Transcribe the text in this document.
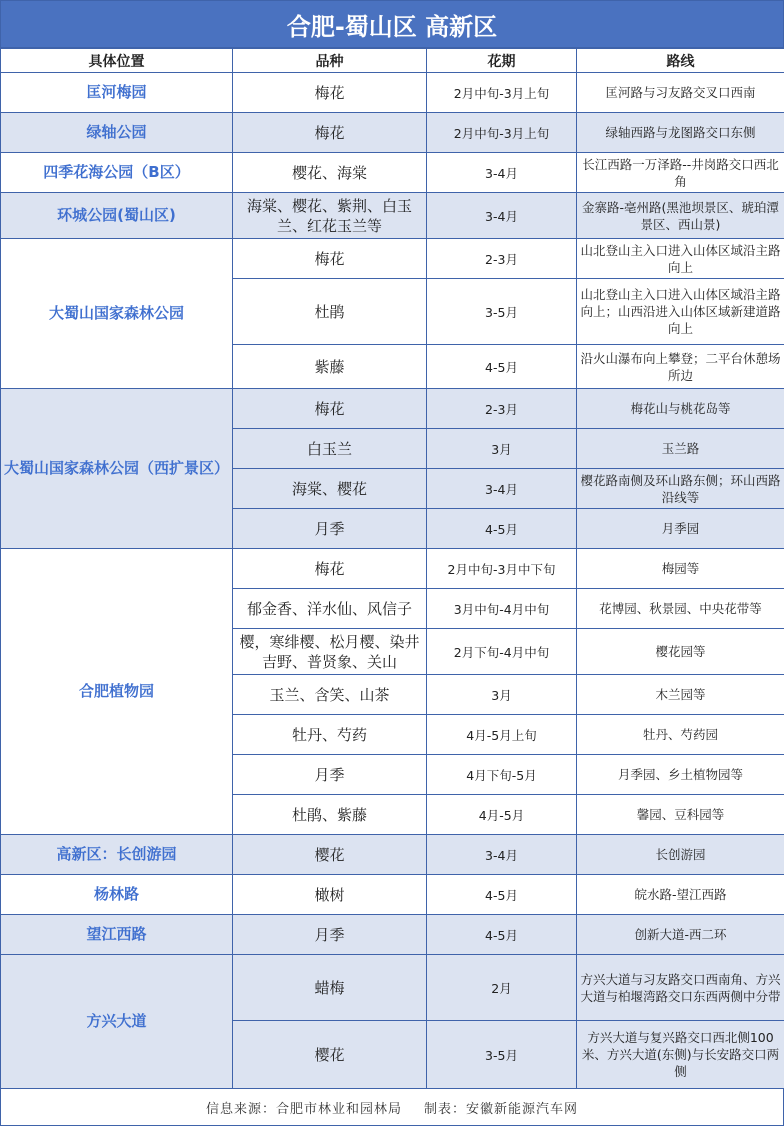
合肥-蜀山区 高新区
具体位置	品种	花期	路线
匡河梅园	梅花	2月中旬-3月上旬	匡河路与习友路交叉口西南
绿轴公园	梅花	2月中旬-3月上旬	绿轴西路与龙图路交口东侧
四季花海公园（B区）	樱花、海棠	3-4月	长江西路一万泽路--井岗路交口西北角
环城公园(蜀山区)	海棠、樱花、紫荆、白玉兰、红花玉兰等	3-4月	金寨路-亳州路(黑池坝景区、琥珀潭景区、西山景)
大蜀山国家森林公园	梅花	2-3月	山北登山主入口进入山体区域沿主路向上
	杜鹃	3-5月	山北登山主入口进入山体区域沿主路向上；山西沿进入山体区域新建道路向上
	紫藤	4-5月	沿火山瀑布向上攀登；二平台休憩场所边
大蜀山国家森林公园（西扩景区）	梅花	2-3月	梅花山与桃花岛等
	白玉兰	3月	玉兰路
	海棠、樱花	3-4月	樱花路南侧及环山路东侧；环山西路沿线等
	月季	4-5月	月季园
合肥植物园	梅花	2月中旬-3月中下旬	梅园等
	郁金香、洋水仙、风信子	3月中旬-4月中旬	花博园、秋景园、中央花带等
	樱，寒绯樱、松月樱、染井吉野、普贤象、关山	2月下旬-4月中旬	樱花园等
	玉兰、含笑、山茶	3月	木兰园等
	牡丹、芍药	4月-5月上旬	牡丹、芍药园
	月季	4月下旬-5月	月季园、乡土植物园等
	杜鹃、紫藤	4月-5月	馨园、豆科园等
高新区：长创游园	樱花	3-4月	长创游园
杨林路	橄树	4-5月	皖水路-望江西路
望江西路	月季	4-5月	创新大道-西二环
方兴大道	蜡梅	2月	方兴大道与习友路交口西南角、方兴大道与柏堰湾路交口东西两侧中分带
	樱花	3-5月	方兴大道与复兴路交口西北侧100米、方兴大道(东侧)与长安路交口两侧
信息来源：合肥市林业和园林局 制表：安徽新能源汽车网
